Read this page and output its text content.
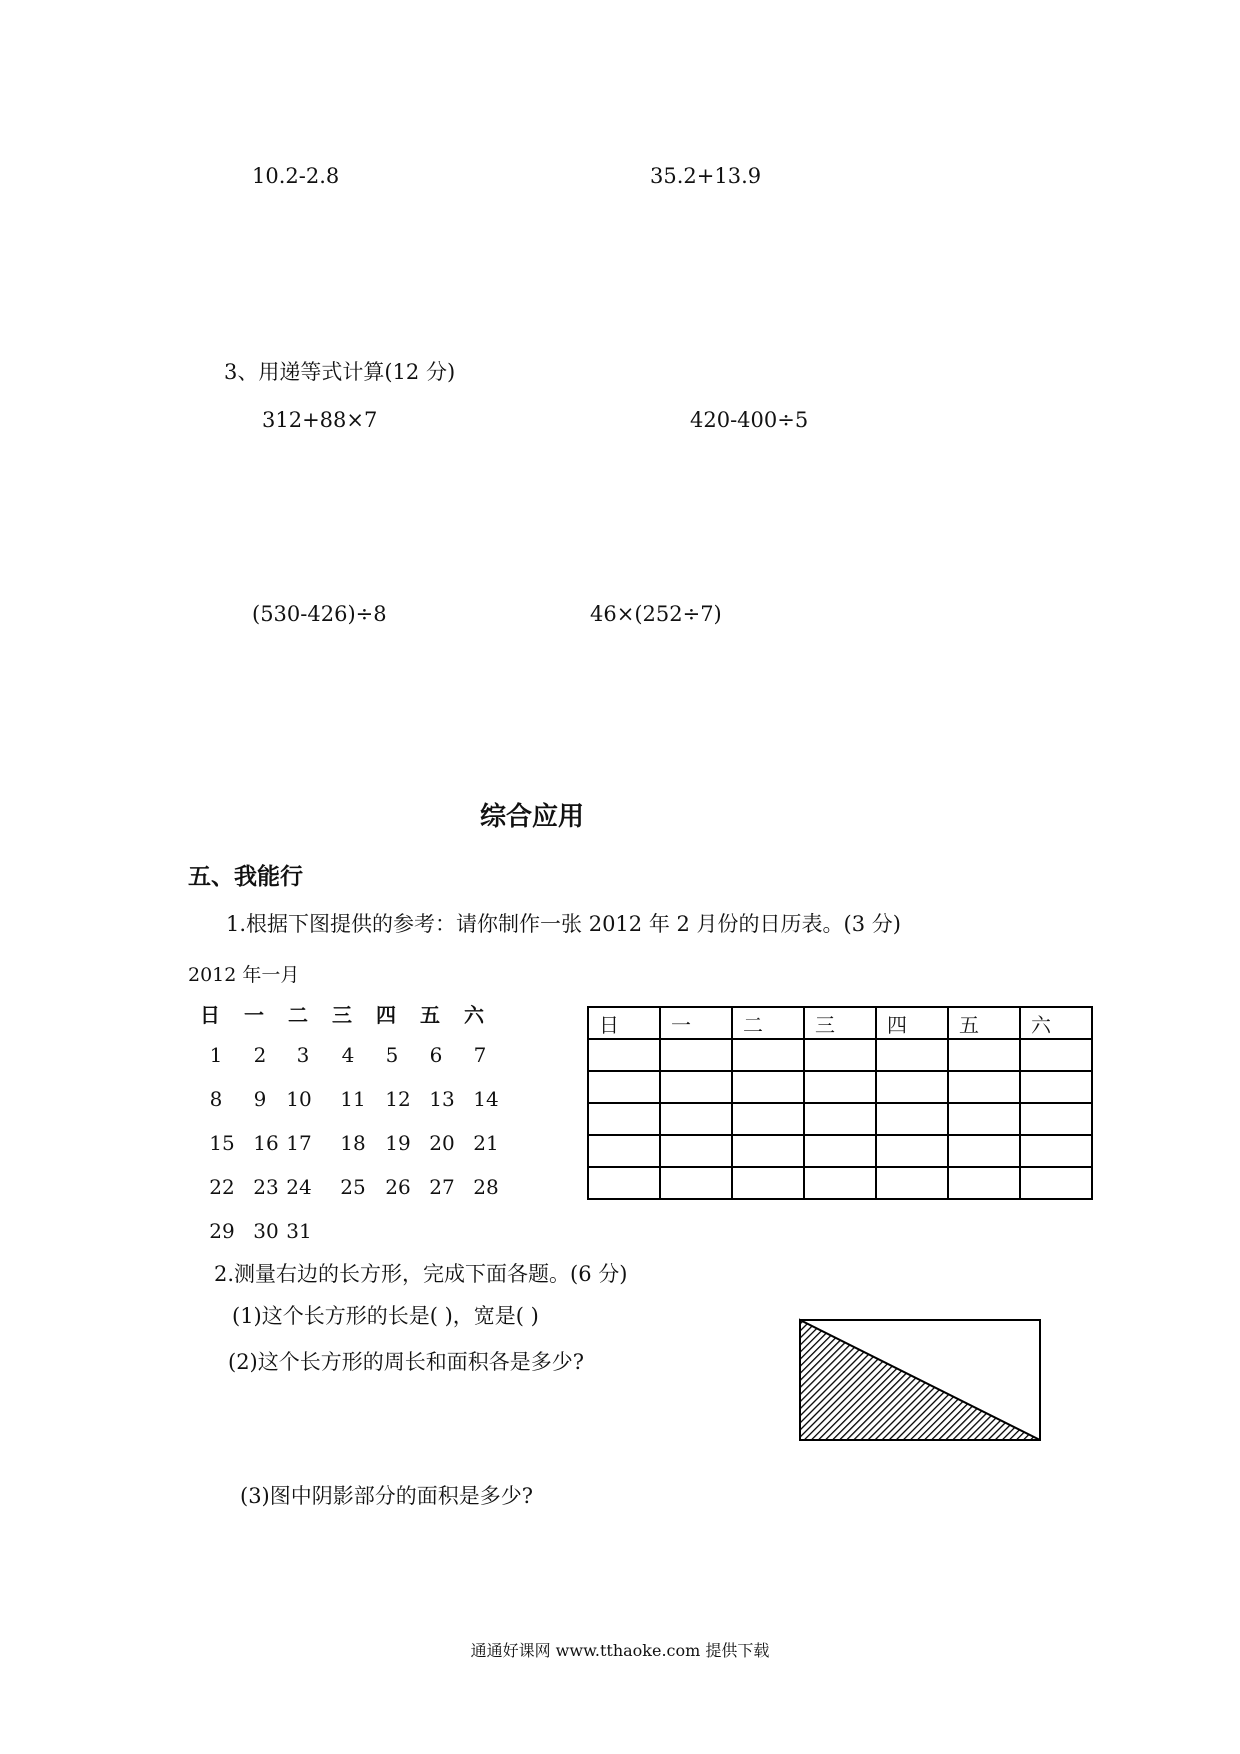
10.2-2.8	35.2+13.9
3、用递等式计算(12 分)
312+88×7	420-400÷5
(530-426)÷8	46×(252÷7)
综合应用
五、我能行
1.根据下图提供的参考：请你制作一张 2012 年 2 月份的日历表。(3 分)
2012 年一月
日	一	二	三	四	五	六
1	2	3	4	5	6	7
8	9 10	11 12 13 14
15 16 17	18 19 20 21
22 23 24	25 26 27 28
29 30 31
日	一	二	三	四	五	六

2.测量右边的长方形，完成下面各题。(6 分)
(1)这个长方形的长是( )，宽是( )
(2)这个长方形的周长和面积各是多少?
(3)图中阴影部分的面积是多少?
通通好课网 www.tthaoke.com 提供下载
